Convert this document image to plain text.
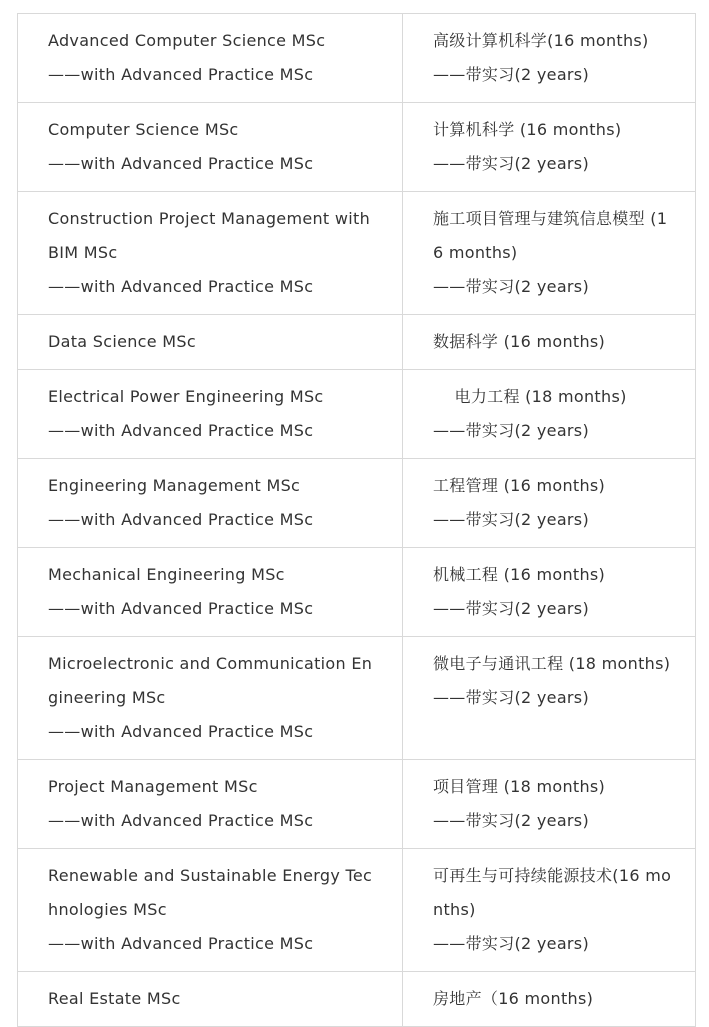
Advanced Computer Science MSc
——with Advanced Practice MSc	高级计算机科学(16 months)
——带实习(2 years)

Computer Science MSc
——with Advanced Practice MSc	计算机科学 (16 months)
——带实习(2 years)

Construction Project Management with BIM MSc
——with Advanced Practice MSc	施工项目管理与建筑信息模型 (16 months)
——带实习(2 years)

Data Science MSc	数据科学 (16 months)

Electrical Power Engineering MSc
——with Advanced Practice MSc	电力工程 (18 months)
——带实习(2 years)

Engineering Management MSc
——with Advanced Practice MSc	工程管理 (16 months)
——带实习(2 years)

Mechanical Engineering MSc
——with Advanced Practice MSc	机械工程 (16 months)
——带实习(2 years)

Microelectronic and Communication Engineering MSc
——with Advanced Practice MSc	微电子与通讯工程 (18 months)
——带实习(2 years)

Project Management MSc
——with Advanced Practice MSc	项目管理 (18 months)
——带实习(2 years)

Renewable and Sustainable Energy Technologies MSc
——with Advanced Practice MSc	可再生与可持续能源技术(16 months)
——带实习(2 years)

Real Estate MSc	房地产（16 months)
